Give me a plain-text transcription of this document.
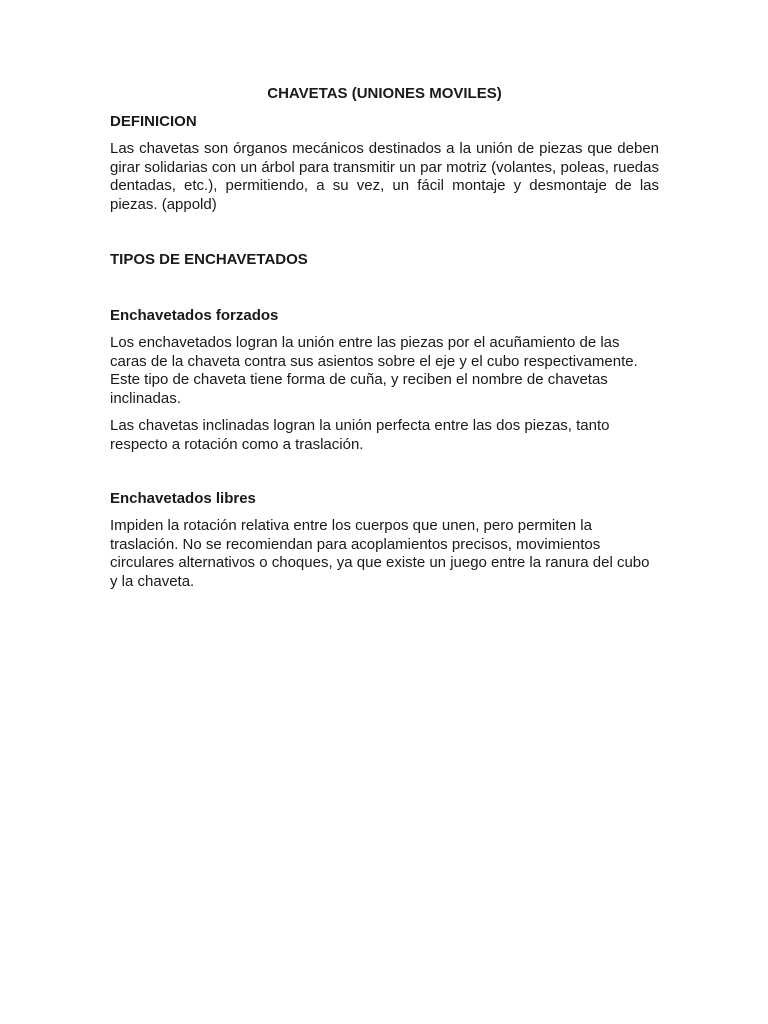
CHAVETAS (UNIONES MOVILES)
DEFINICION

Las chavetas son órganos mecánicos destinados a la unión de piezas que deben girar solidarias con un árbol para transmitir un par motriz (volantes, poleas, ruedas dentadas, etc.), permitiendo, a su vez, un fácil montaje y desmontaje de las piezas. (appold)

TIPOS DE ENCHAVETADOS
Enchavetados forzados

Los enchavetados logran la unión entre las piezas por el acuñamiento de las caras de la chaveta contra sus asientos sobre el eje y el cubo respectivamente. Este tipo de chaveta tiene forma de cuña, y reciben el nombre de chavetas inclinadas.

Las chavetas inclinadas logran la unión perfecta entre las dos piezas, tanto respecto a rotación como a traslación.

Enchavetados libres

Impiden la rotación relativa entre los cuerpos que unen, pero permiten la traslación. No se recomiendan para acoplamientos precisos, movimientos circulares alternativos o choques, ya que existe un juego entre la ranura del cubo y la chaveta.
